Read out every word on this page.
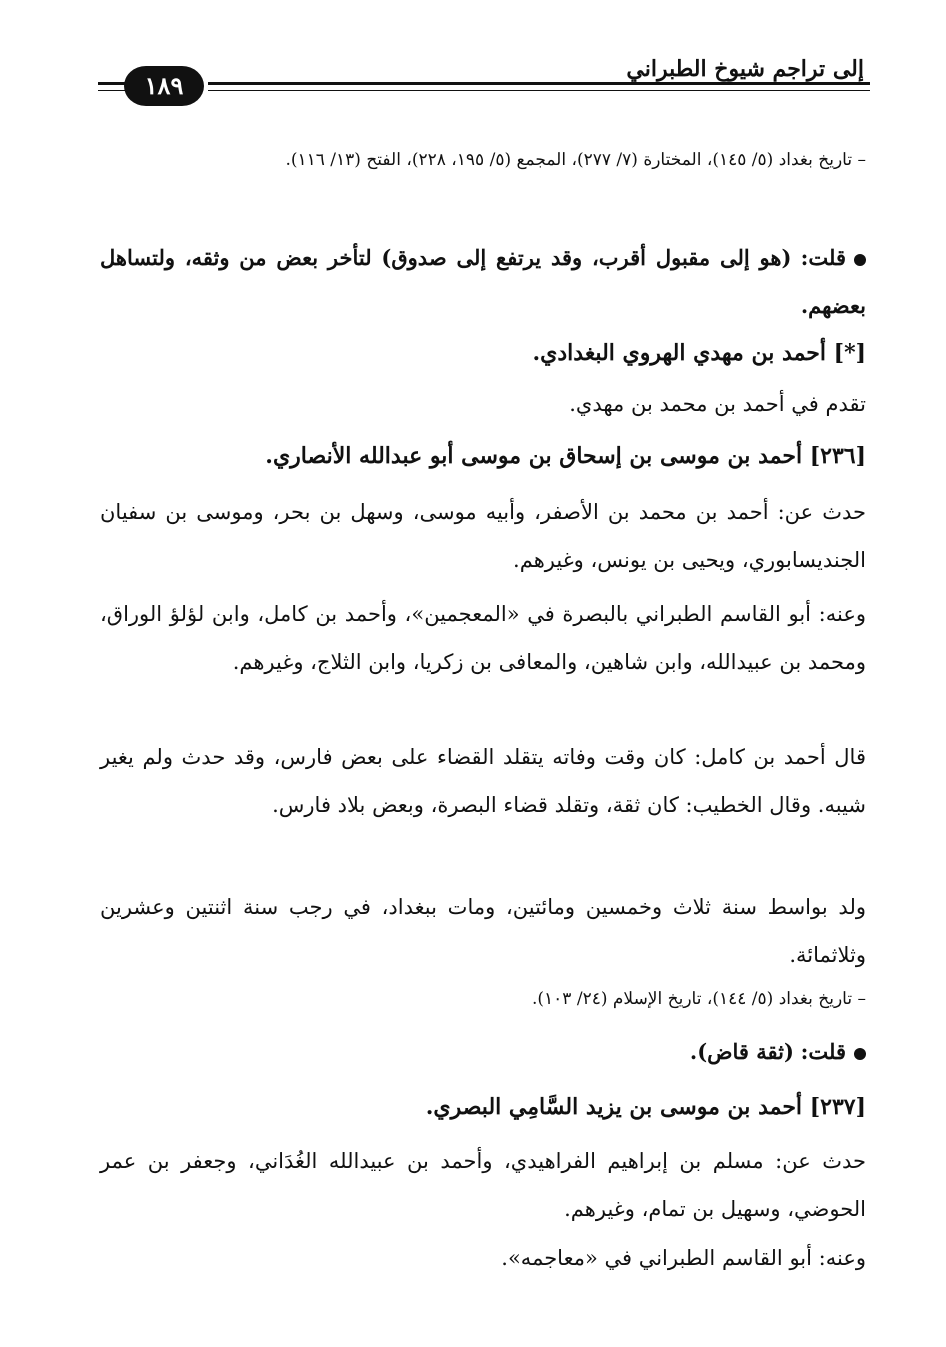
إلى تراجم شيوخ الطبراني
١٨٩
– تاريخ بغداد (٥/ ١٤٥)، المختارة (٧/ ٢٧٧)، المجمع (٥/ ١٩٥، ٢٢٨)، الفتح (١٣/ ١١٦).
قلت: (هو إلى مقبول أقرب، وقد يرتفع إلى صدوق) لتأخر بعض من وثقه، ولتساهل بعضهم.
[*] أحمد بن مهدي الهروي البغدادي.
تقدم في أحمد بن محمد بن مهدي.
[٢٣٦] أحمد بن موسى بن إسحاق بن موسى أبو عبدالله الأنصاري.
حدث عن: أحمد بن محمد بن الأصفر، وأبيه موسى، وسهل بن بحر، وموسى بن سفيان الجنديسابوري، ويحيى بن يونس، وغيرهم.
وعنه: أبو القاسم الطبراني بالبصرة في «المعجمين»، وأحمد بن كامل، وابن لؤلؤ الوراق، ومحمد بن عبيدالله، وابن شاهين، والمعافى بن زكريا، وابن الثلاج، وغيرهم.
قال أحمد بن كامل: كان وقت وفاته يتقلد القضاء على بعض فارس، وقد حدث ولم يغير شيبه. وقال الخطيب: كان ثقة، وتقلد قضاء البصرة، وبعض بلاد فارس.
ولد بواسط سنة ثلاث وخمسين ومائتين، ومات ببغداد، في رجب سنة اثنتين وعشرين وثلاثمائة.
– تاريخ بغداد (٥/ ١٤٤)، تاريخ الإسلام (٢٤/ ١٠٣).
قلت: (ثقة قاض).
[٢٣٧] أحمد بن موسى بن يزيد السَّامِي البصري.
حدث عن: مسلم بن إبراهيم الفراهيدي، وأحمد بن عبيدالله الغُدَاني، وجعفر بن عمر الحوضي، وسهيل بن تمام، وغيرهم.
وعنه: أبو القاسم الطبراني في «معاجمه».
